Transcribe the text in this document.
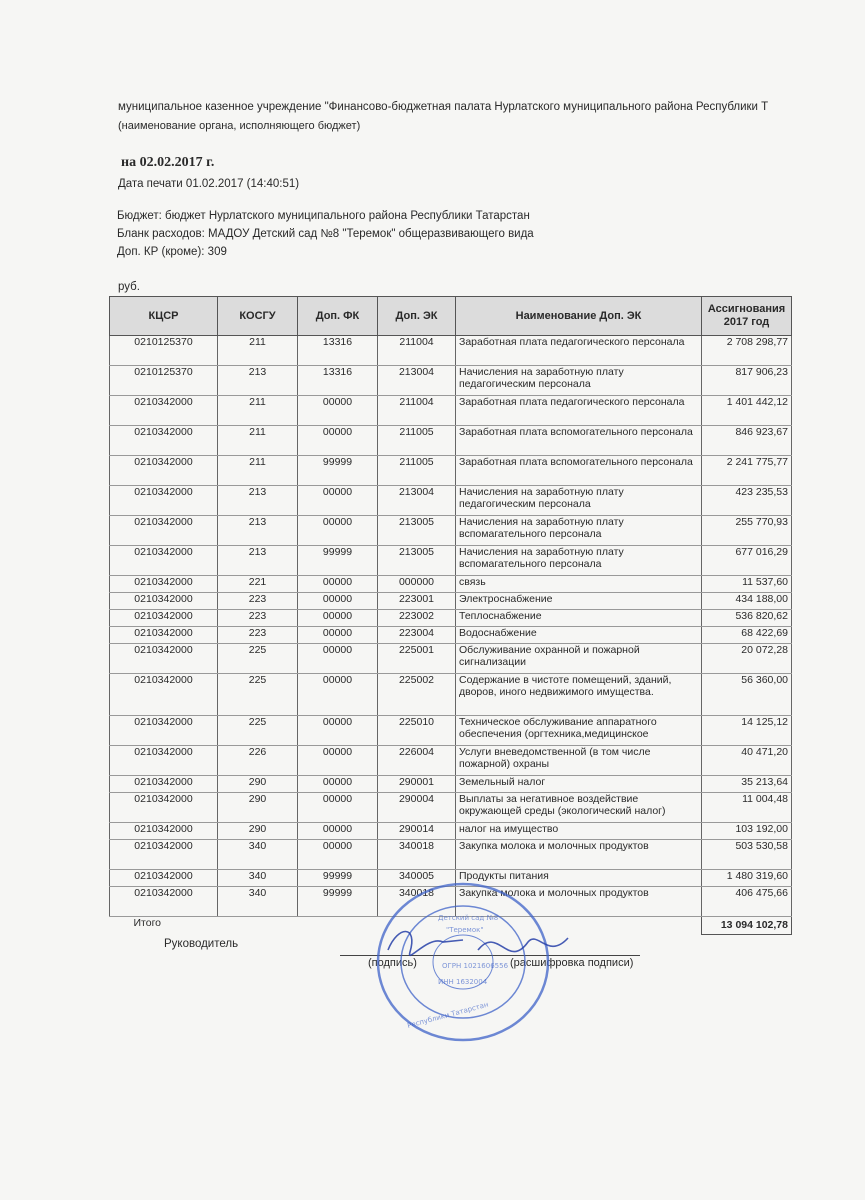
муниципальное казенное учреждение "Финансово-бюджетная палата Нурлатского муниципального района Республики Т
(наименование органа, исполняющего бюджет)
на 02.02.2017 г.
Дата печати 01.02.2017 (14:40:51)
Бюджет: бюджет Нурлатского муниципального района Республики Татарстан
Бланк расходов: МАДОУ Детский сад №8 "Теремок" общеразвивающего вида
Доп. КР (кроме): 309
руб.
КЦСР	КОСГУ	Доп. ФК	Доп. ЭК	Наименование Доп. ЭК	Ассигнования 2017 год
0210125370	211	13316	211004	Заработная плата педагогического персонала	2 708 298,77
0210125370	213	13316	213004	Начисления на заработную плату педагогическим персонала	817 906,23
0210342000	211	00000	211004	Заработная плата педагогического персонала	1 401 442,12
0210342000	211	00000	211005	Заработная плата вспомогательного персонала	846 923,67
0210342000	211	99999	211005	Заработная плата вспомогательного персонала	2 241 775,77
0210342000	213	00000	213004	Начисления на заработную плату педагогическим персонала	423 235,53
0210342000	213	00000	213005	Начисления на заработную плату вспомагательного персонала	255 770,93
0210342000	213	99999	213005	Начисления на заработную плату вспомагательного персонала	677 016,29
0210342000	221	00000	000000	связь	11 537,60
0210342000	223	00000	223001	Электроснабжение	434 188,00
0210342000	223	00000	223002	Теплоснабжение	536 820,62
0210342000	223	00000	223004	Водоснабжение	68 422,69
0210342000	225	00000	225001	Обслуживание охранной и пожарной сигнализации	20 072,28
0210342000	225	00000	225002	Содержание в чистоте помещений, зданий, дворов, иного недвижимого имущества.	56 360,00
0210342000	225	00000	225010	Техническое обслуживание аппаратного обеспечения (оргтехника,медицинское	14 125,12
0210342000	226	00000	226004	Услуги вневедомственной (в том числе пожарной) охраны	40 471,20
0210342000	290	00000	290001	Земельный налог	35 213,64
0210342000	290	00000	290004	Выплаты за негативное воздействие окружающей среды (экологический налог)	11 004,48
0210342000	290	00000	290014	налог на имущество	103 192,00
0210342000	340	00000	340018	Закупка молока и молочных продуктов	503 530,58
0210342000	340	99999	340005	Продукты питания	1 480 319,60
0210342000	340	99999	340018	Закупка молока и молочных продуктов	406 475,66
Итого					13 094 102,78
Руководитель
(подпись)	(расшифровка подписи)
Детский сад №8
"Теремок"
ОГРН 1021606556
ИНН 1632004
Республики Татарстан
